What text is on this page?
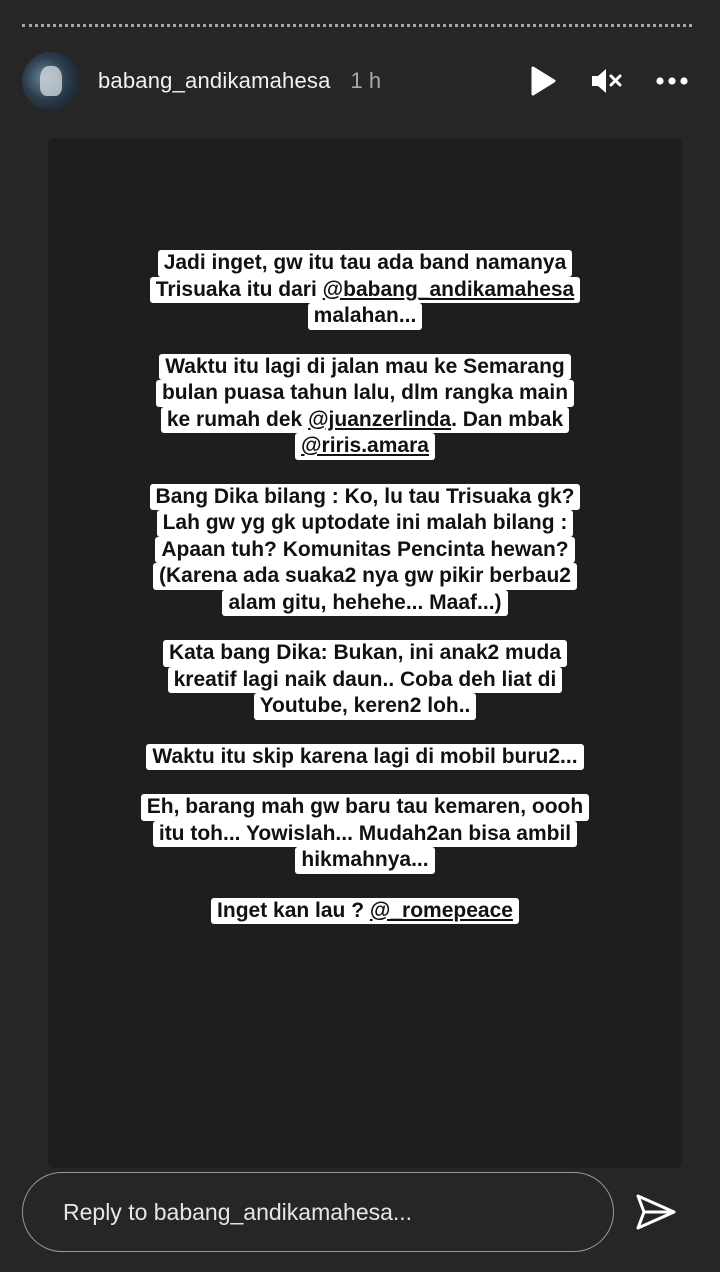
babang_andikamahesa 1 h
Jadi inget, gw itu tau ada band namanya
Trisuaka itu dari @babang_andikamahesa
malahan...
Waktu itu lagi di jalan mau ke Semarang
bulan puasa tahun lalu, dlm rangka main
ke rumah dek @juanzerlinda. Dan mbak
@riris.amara
Bang Dika bilang : Ko, lu tau Trisuaka gk?
Lah gw yg gk uptodate ini malah bilang :
Apaan tuh? Komunitas Pencinta hewan?
(Karena ada suaka2 nya gw pikir berbau2
alam gitu, hehehe... Maaf...)
Kata bang Dika: Bukan, ini anak2 muda
kreatif lagi naik daun.. Coba deh liat di
Youtube, keren2 loh..
Waktu itu skip karena lagi di mobil buru2...
Eh, barang mah gw baru tau kemaren, oooh
itu toh... Yowislah... Mudah2an bisa ambil
hikmahnya...
Inget kan lau ? @_romepeace
Reply to babang_andikamahesa...
